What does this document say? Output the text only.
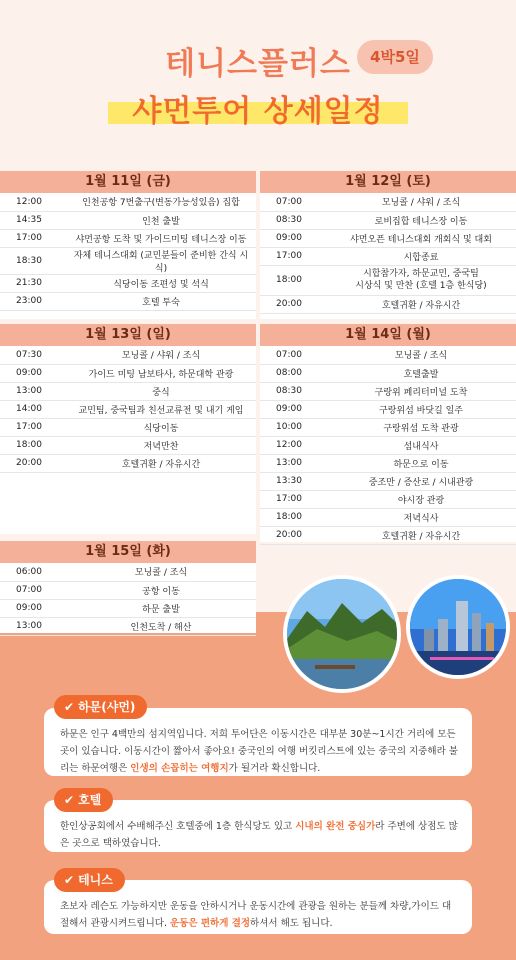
테니스플러스	4박5일
샤먼투어 상세일정
1월 11일 (금)
12:00	인천공항 7번출구(변동가능성있음) 집합
14:35	인천 출발
17:00	샤먼공항 도착 및 가이드미팅 테니스장 이동
18:30	자체 테니스대회 (교민분들이 준비한 간식 시식)
21:30	식당이동 조편성 및 석식
23:00	호텔 투숙
1월 12일 (토)
07:00	모닝콜 / 샤워 / 조식
08:30	로비집합 테니스장 이동
09:00	샤먼오픈 테니스대회 개회식 및 대회
17:00	시합종료
18:00	시합참가자, 하문교민, 중국팀
시상식 및 만찬 (호텔 1층 한식당)
20:00	호텔귀환 / 자유시간
1월 13일 (일)
07:30	모닝콜 / 샤워 / 조식
09:00	가이드 미팅 남보타사, 하문대학 관광
13:00	중식
14:00	교민팀, 중국팀과 친선교류전 및 내기 게임
17:00	식당이동
18:00	저녁만찬
20:00	호텔귀환 / 자유시간
1월 14일 (월)
07:00	모닝콜 / 조식
08:00	호텔출발
08:30	구랑위 페리터미널 도착
09:00	구랑위섬 바닷길 일주
10:00	구랑위섬 도착 관광
12:00	섬내식사
13:00	하문으로 이동
13:30	중조만 / 증산로 / 시내관광
17:00	야시장 관광
18:00	저녁식사
20:00	호텔귀환 / 자유시간
1월 15일 (화)
06:00	모닝콜 / 조식
07:00	공항 이동
09:00	하문 출발
13:00	인천도착 / 해산
하문은 인구 4백만의 섬지역입니다. 저희 투어단은 이동시간은 대부분 30분~1시간 거리에 모든 곳이 있습니다. 이동시간이 짧아서 좋아요! 중국인의 여행 버킷리스트에 있는 중국의 지중해라 불리는 하문여행은 인생의 손꼽히는 여행지가 될거라 확신합니다.
✔ 하문(샤먼)
한인상공회에서 수배해주신 호텔중에 1층 한식당도 있고 시내의 완전 중심가라 주변에 상점도 많은 곳으로 택하였습니다.
✔ 호텔
초보자 레슨도 가능하지만 운동을 안하시거나 운동시간에 관광을 원하는 분들께 차량,가이드 대절해서 관광시켜드립니다. 운동은 편하게 결정하셔서 해도 됩니다.
✔ 테니스
